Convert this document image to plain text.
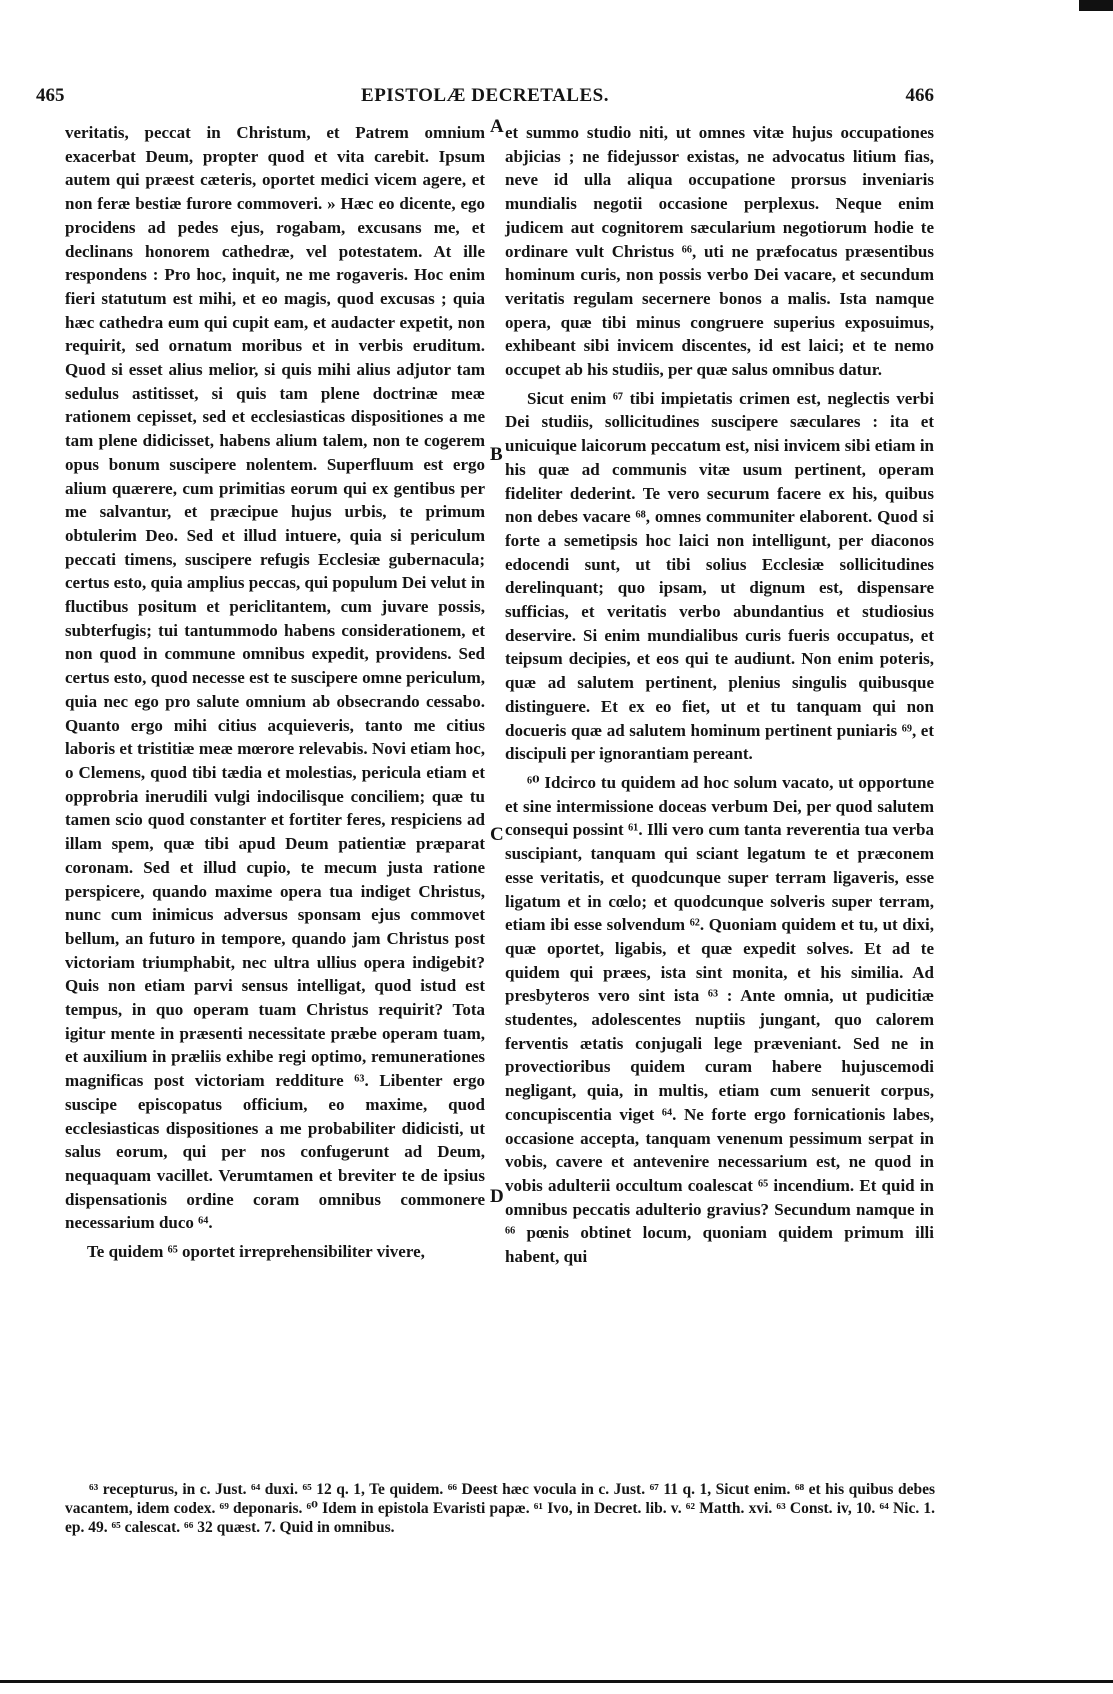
465	EPISTOLÆ DECRETALES.	466

veritatis, peccat in Christum, et Patrem omnium exacerbat Deum, propter quod et vita carebit. Ipsum autem qui præest cæteris, oportet medici vicem agere, et non feræ bestiæ furore commoveri. » Hæc eo dicente, ego procidens ad pedes ejus, rogabam, excusans me, et declinans honorem cathedræ, vel potestatem. At ille respondens : Pro hoc, inquit, ne me rogaveris. Hoc enim fieri statutum est mihi, et eo magis, quod excusas ; quia hæc cathedra eum qui cupit eam, et audacter expetit, non requirit, sed ornatum moribus et in verbis eruditum. Quod si esset alius melior, si quis mihi alius adjutor tam sedulus astitisset, si quis tam plene doctrinæ meæ rationem cepisset, sed et ecclesiasticas dispositiones a me tam plene didicisset, habens alium talem, non te cogerem opus bonum suscipere nolentem. Superfluum est ergo alium quærere, cum primitias eorum qui ex gentibus per me salvantur, et præcipue hujus urbis, te primum obtulerim Deo. Sed et illud intuere, quia si periculum peccati timens, suscipere refugis Ecclesiæ gubernacula; certus esto, quia amplius peccas, qui populum Dei velut in fluctibus positum et periclitantem, cum juvare possis, subterfugis; tui tantummodo habens considerationem, et non quod in commune omnibus expedit, providens. Sed certus esto, quod necesse est te suscipere omne periculum, quia nec ego pro salute omnium ab obsecrando cessabo. Quanto ergo mihi citius acquieveris, tanto me citius laboris et tristitiæ meæ mœrore relevabis. Novi etiam hoc, o Clemens, quod tibi tædia et molestias, pericula etiam et opprobria inerudili vulgi indocilisque conciliem; quæ tu tamen scio quod constanter et fortiter feres, respiciens ad illam spem, quæ tibi apud Deum patientiæ præparat coronam. Sed et illud cupio, te mecum justa ratione perspicere, quando maxime opera tua indiget Christus, nunc cum inimicus adversus sponsam ejus commovet bellum, an futuro in tempore, quando jam Christus post victoriam triumphabit, nec ultra ullius opera indigebit? Quis non etiam parvi sensus intelligat, quod istud est tempus, in quo operam tuam Christus requirit? Tota igitur mente in præsenti necessitate præbe operam tuam, et auxilium in præliis exhibe regi optimo, remunerationes magnificas post victoriam redditure ⁶³. Libenter ergo suscipe episcopatus officium, eo maxime, quod ecclesiasticas dispositiones a me probabiliter didicisti, ut salus eorum, qui per nos confugerunt ad Deum, nequaquam vacillet. Verumtamen et breviter te de ipsius dispensationis ordine coram omnibus commonere necessarium duco ⁶⁴.

Te quidem ⁶⁵ oportet irreprehensibiliter vivere,

A
B
C
D

et summo studio niti, ut omnes vitæ hujus occupationes abjicias ; ne fidejussor existas, ne advocatus litium fias, neve id ulla aliqua occupatione prorsus inveniaris mundialis negotii occasione perplexus. Neque enim judicem aut cognitorem sæcularium negotiorum hodie te ordinare vult Christus ⁶⁶, uti ne præfocatus præsentibus hominum curis, non possis verbo Dei vacare, et secundum veritatis regulam secernere bonos a malis. Ista namque opera, quæ tibi minus congruere superius exposuimus, exhibeant sibi invicem discentes, id est laici; et te nemo occupet ab his studiis, per quæ salus omnibus datur.

Sicut enim ⁶⁷ tibi impietatis crimen est, neglectis verbi Dei studiis, sollicitudines suscipere sæculares : ita et unicuique laicorum peccatum est, nisi invicem sibi etiam in his quæ ad communis vitæ usum pertinent, operam fideliter dederint. Te vero securum facere ex his, quibus non debes vacare ⁶⁸, omnes communiter elaborent. Quod si forte a semetipsis hoc laici non intelligunt, per diaconos edocendi sunt, ut tibi solius Ecclesiæ sollicitudines derelinquant; quo ipsam, ut dignum est, dispensare sufficias, et veritatis verbo abundantius et studiosius deservire. Si enim mundialibus curis fueris occupatus, et teipsum decipies, et eos qui te audiunt. Non enim poteris, quæ ad salutem pertinent, plenius singulis quibusque distinguere. Et ex eo fiet, ut et tu tanquam qui non docueris quæ ad salutem hominum pertinent puniaris ⁶⁹, et discipuli per ignorantiam pereant.

⁶⁰ Idcirco tu quidem ad hoc solum vacato, ut opportune et sine intermissione doceas verbum Dei, per quod salutem consequi possint ⁶¹. Illi vero cum tanta reverentia tua verba suscipiant, tanquam qui sciant legatum te et præconem esse veritatis, et quodcunque super terram ligaveris, esse ligatum et in cœlo; et quodcunque solveris super terram, etiam ibi esse solvendum ⁶². Quoniam quidem et tu, ut dixi, quæ oportet, ligabis, et quæ expedit solves. Et ad te quidem qui præes, ista sint monita, et his similia. Ad presbyteros vero sint ista ⁶³ : Ante omnia, ut pudicitiæ studentes, adolescentes nuptiis jungant, quo calorem ferventis ætatis conjugali lege præveniant. Sed ne in provectioribus quidem curam habere hujuscemodi negligant, quia, in multis, etiam cum senuerit corpus, concupiscentia viget ⁶⁴. Ne forte ergo fornicationis labes, occasione accepta, tanquam venenum pessimum serpat in vobis, cavere et antevenire necessarium est, ne quod in vobis adulterii occultum coalescat ⁶⁵ incendium. Et quid in omnibus peccatis adulterio gravius? Secundum namque in ⁶⁶ pœnis obtinet locum, quoniam quidem primum illi habent, qui

⁶³ recepturus, in c. Just. ⁶⁴ duxi. ⁶⁵ 12 q. 1, Te quidem. ⁶⁶ Deest hæc vocula in c. Just. ⁶⁷ 11 q. 1, Sicut enim. ⁶⁸ et his quibus debes vacantem, idem codex. ⁶⁹ deponaris. ⁶⁰ Idem in epistola Evaristi papæ. ⁶¹ Ivo, in Decret. lib. v. ⁶² Matth. xvi. ⁶³ Const. iv, 10. ⁶⁴ Nic. 1. ep. 49. ⁶⁵ calescat. ⁶⁶ 32 quæst. 7. Quid in omnibus.
